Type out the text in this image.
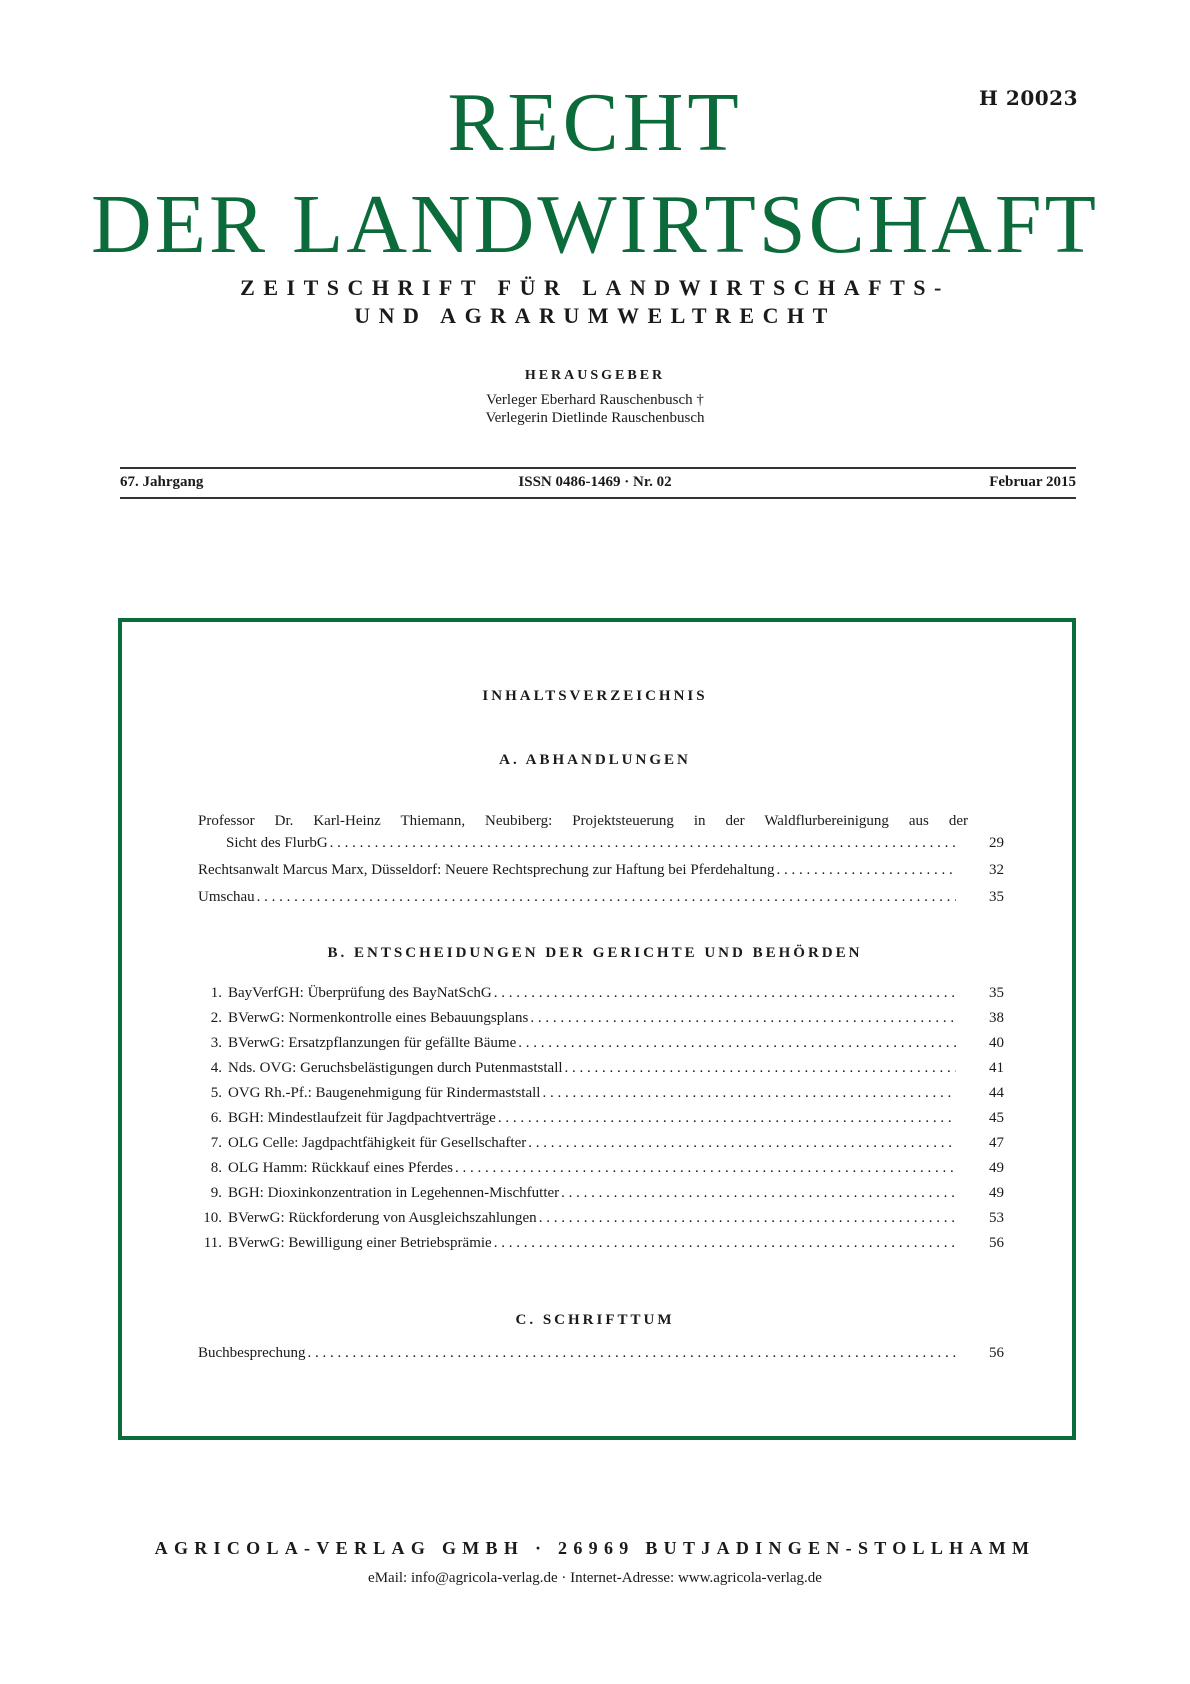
H 20023
RECHT
DER LANDWIRTSCHAFT
ZEITSCHRIFT FÜR LANDWIRTSCHAFTS-
UND AGRARUMWELTRECHT
HERAUSGEBER
Verleger Eberhard Rauschenbusch †
Verlegerin Dietlinde Rauschenbusch
67. Jahrgang	ISSN 0486-1469 · Nr. 02	Februar 2015
INHALTSVERZEICHNIS
A. ABHANDLUNGEN
Professor Dr. Karl-Heinz Thiemann, Neubiberg: Projektsteuerung in der Waldflurbereinigung aus der
Sicht des FlurbG . . .	29
Rechtsanwalt Marcus Marx, Düsseldorf: Neuere Rechtsprechung zur Haftung bei Pferdehaltung . . .	32
Umschau . . .	35
B. ENTSCHEIDUNGEN DER GERICHTE UND BEHÖRDEN
1. BayVerfGH: Überprüfung des BayNatSchG . . .	35
2. BVerwG: Normenkontrolle eines Bebauungsplans . . .	38
3. BVerwG: Ersatzpflanzungen für gefällte Bäume . . .	40
4. Nds. OVG: Geruchsbelästigungen durch Putenmaststall . . .	41
5. OVG Rh.-Pf.: Baugenehmigung für Rindermaststall . . .	44
6. BGH: Mindestlaufzeit für Jagdpachtverträge . . .	45
7. OLG Celle: Jagdpachtfähigkeit für Gesellschafter . . .	47
8. OLG Hamm: Rückkauf eines Pferdes . . .	49
9. BGH: Dioxinkonzentration in Legehennen-Mischfutter . . .	49
10. BVerwG: Rückforderung von Ausgleichszahlungen . . .	53
11. BVerwG: Bewilligung einer Betriebsprämie . . .	56
C. SCHRIFTTUM
Buchbesprechung . . .	56
AGRICOLA-VERLAG GMBH · 26969 BUTJADINGEN-STOLLHAMM
eMail: info@agricola-verlag.de · Internet-Adresse: www.agricola-verlag.de
